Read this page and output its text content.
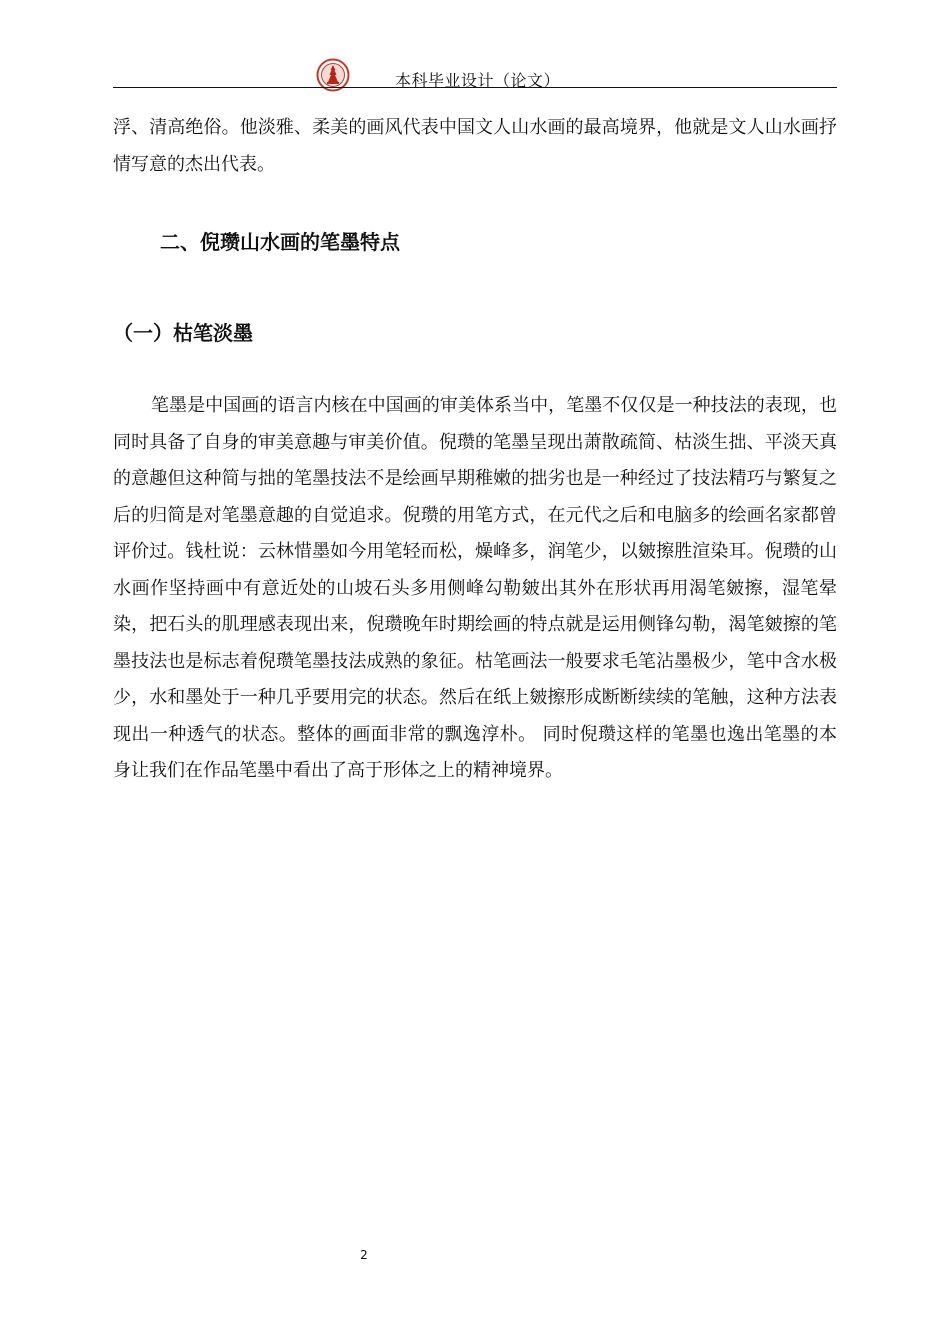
本科毕业设计（论文）

浮、清高绝俗。他淡雅、柔美的画风代表中国文人山水画的最高境界，他就是文人山水画抒情写意的杰出代表。

二、倪瓒山水画的笔墨特点
（一）枯笔淡墨

笔墨是中国画的语言内核在中国画的审美体系当中，笔墨不仅仅是一种技法的表现，也同时具备了自身的审美意趣与审美价值。倪瓒的笔墨呈现出萧散疏简、枯淡生拙、平淡天真的意趣但这种简与拙的笔墨技法不是绘画早期稚嫩的拙劣也是一种经过了技法精巧与繁复之后的归简是对笔墨意趣的自觉追求。倪瓒的用笔方式，在元代之后和电脑多的绘画名家都曾评价过。钱杜说：云林惜墨如今用笔轻而松，燥峰多，润笔少，以皴擦胜渲染耳。倪瓒的山水画作坚持画中有意近处的山坡石头多用侧峰勾勒皴出其外在形状再用渴笔皴擦，湿笔晕染，把石头的肌理感表现出来，倪瓒晚年时期绘画的特点就是运用侧锋勾勒，渴笔皴擦的笔墨技法也是标志着倪瓒笔墨技法成熟的象征。枯笔画法一般要求毛笔沾墨极少，笔中含水极少，水和墨处于一种几乎要用完的状态。然后在纸上皴擦形成断断续续的笔触，这种方法表现出一种透气的状态。整体的画面非常的飘逸淳朴。 同时倪瓒这样的笔墨也逸出笔墨的本身让我们在作品笔墨中看出了高于形体之上的精神境界。

2
